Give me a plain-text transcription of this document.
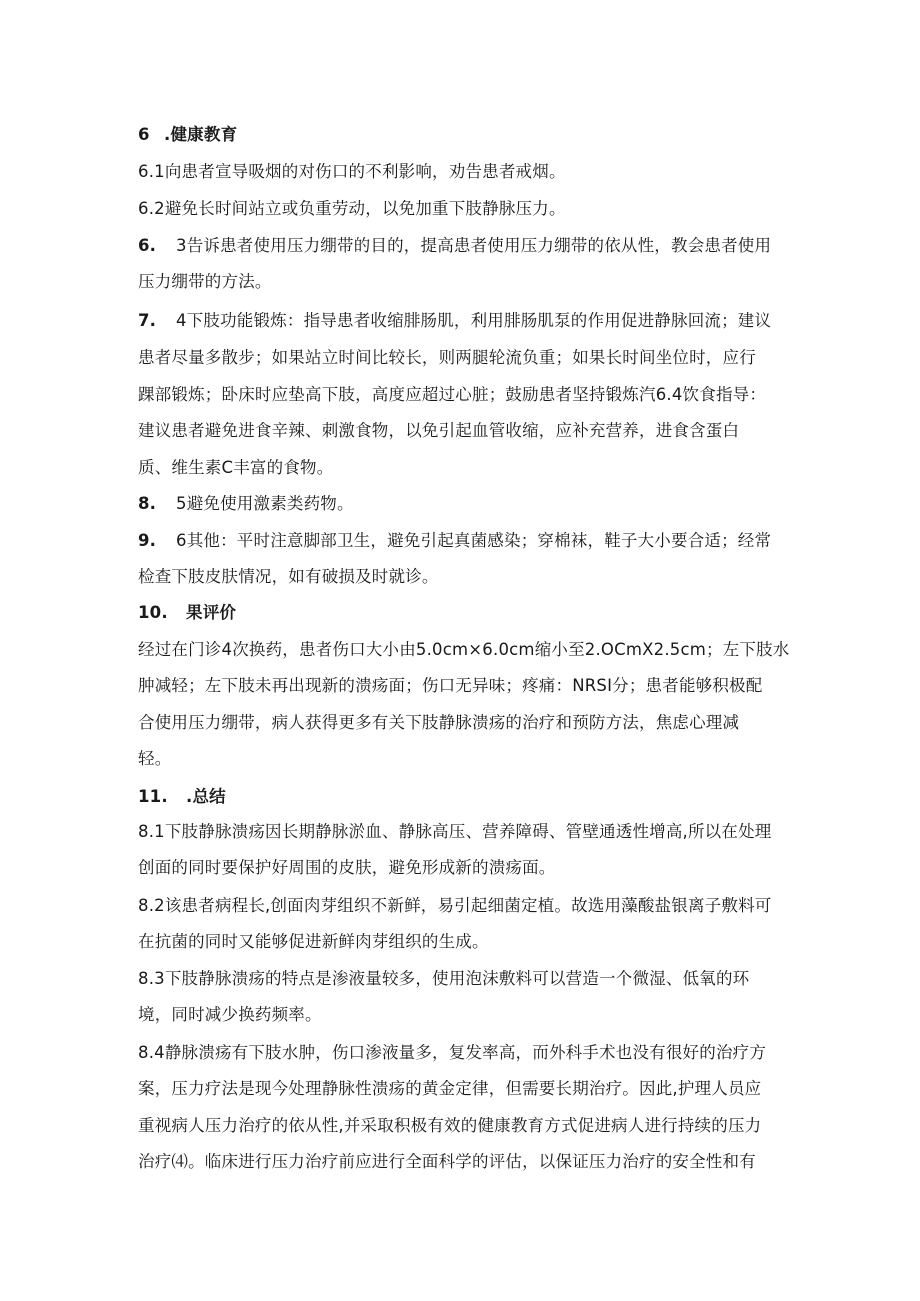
6 .健康教育
6.1向患者宣导吸烟的对伤口的不利影响，劝告患者戒烟。
6.2避免长时间站立或负重劳动，以免加重下肢静脉压力。
6. 3告诉患者使用压力绷带的目的，提高患者使用压力绷带的依从性，教会患者使用
压力绷带的方法。
7. 4下肢功能锻炼：指导患者收缩腓肠肌，利用腓肠肌泵的作用促进静脉回流；建议
患者尽量多散步；如果站立时间比较长，则两腿轮流负重；如果长时间坐位时，应行
踝部锻炼；卧床时应垫高下肢，高度应超过心脏；鼓励患者坚持锻炼汽6.4饮食指导：
建议患者避免进食辛辣、刺激食物，以免引起血管收缩，应补充营养，进食含蛋白
质、维生素C丰富的食物。
8. 5避免使用激素类药物。
9. 6其他：平时注意脚部卫生，避免引起真菌感染；穿棉袜，鞋子大小要合适；经常
检查下肢皮肤情况，如有破损及时就诊。
10. 果评价
经过在门诊4次换药，患者伤口大小由5.0cm×6.0cm缩小至2.OCmX2.5cm；左下肢水
肿减轻；左下肢未再出现新的溃疡面；伤口无异味；疼痛：NRSI分；患者能够积极配
合使用压力绷带，病人获得更多有关下肢静脉溃疡的治疗和预防方法，焦虑心理减
轻。
11. .总结
8.1下肢静脉溃疡因长期静脉淤血、静脉高压、营养障碍、管壁通透性增高,所以在处理
创面的同时要保护好周围的皮肤，避免形成新的溃疡面。
8.2该患者病程长,创面肉芽组织不新鲜，易引起细菌定植。故选用藻酸盐银离子敷料可
在抗菌的同时又能够促进新鲜肉芽组织的生成。
8.3下肢静脉溃疡的特点是渗液量较多，使用泡沫敷料可以营造一个微湿、低氧的环
境，同时减少换药频率。
8.4静脉溃疡有下肢水肿，伤口渗液量多，复发率高，而外科手术也没有很好的治疗方
案，压力疗法是现今处理静脉性溃疡的黄金定律，但需要长期治疗。因此,护理人员应
重视病人压力治疗的依从性,并采取积极有效的健康教育方式促进病人进行持续的压力
治疗⑷。临床进行压力治疗前应进行全面科学的评估，以保证压力治疗的安全性和有
